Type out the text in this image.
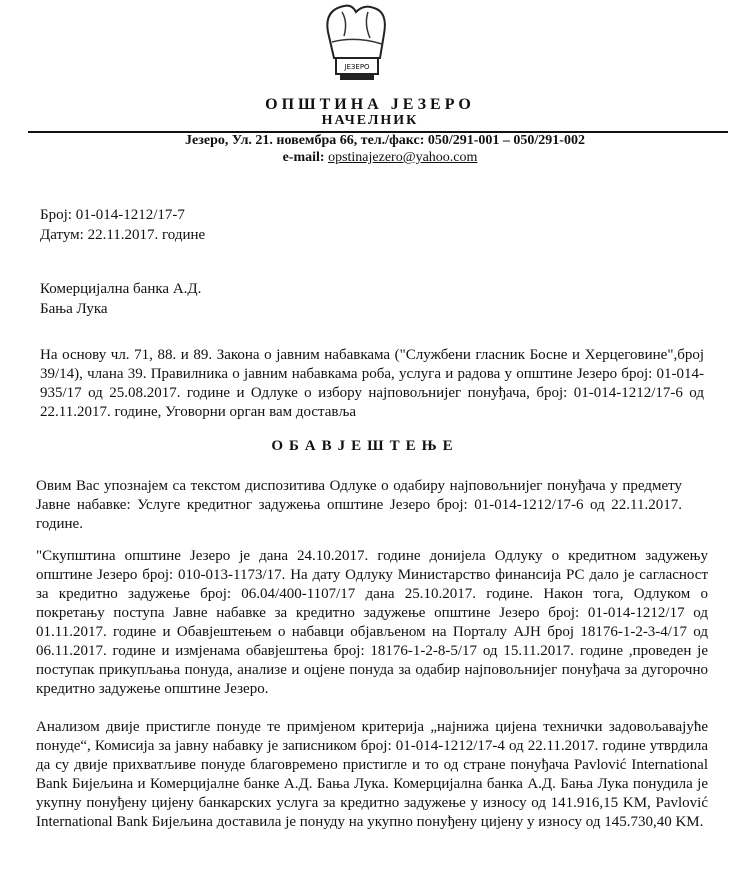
ЈЕЗЕРО
ОПШТИНА ЈЕЗЕРО
НАЧЕЛНИК
Језеро, Ул. 21. новембра 66, тел./факс: 050/291-001 – 050/291-002
e-mail: opstinajezero@yahoo.com
Број: 01-014-1212/17-7
Датум: 22.11.2017. године
Комерцијална банка А.Д.
Бања Лука
На основу чл. 71, 88. и 89. Закона о јавним набавкама ("Службени гласник Босне и Херцеговине",број 39/14), члана 39. Правилника о јавним набавкама роба, услуга и радова у општине Језеро број: 01-014-935/17 од 25.08.2017. године и Одлуке о избору најповољнијег понуђача, број: 01-014-1212/17-6 од 22.11.2017. године, Уговорни орган вам доставља
ОБАВЈЕШТЕЊЕ
Овим Вас упознајем са текстом диспозитива Одлуке о одабиру најповољнијег понуђача у предмету Јавне набавке: Услуге кредитног задужења општине Језеро број: 01-014-1212/17-6 од 22.11.2017. године.
"Скупштина општине Језеро је дана 24.10.2017. године донијела Одлуку о кредитном задужењу општине Језеро број: 010-013-1173/17. На дату Одлуку Министарство финансија РС дало је сагласност за кредитно задужење број: 06.04/400-1107/17 дана 25.10.2017. године. Након тога, Одлуком о покретању поступа Јавне набавке за кредитно задужење општине Језеро број: 01-014-1212/17 од 01.11.2017. године и Обавјештењем о набавци објављеном на Порталу АЈН број 18176-1-2-3-4/17 од 06.11.2017. године и измјенама обавјештења број: 18176-1-2-8-5/17 од 15.11.2017. године ,проведен је поступак прикупљања понуда, анализе и оцјене понуда за одабир најповољнијег понуђача за дугорочно кредитно задужење општине Језеро.
Анализом двије пристигле понуде те примјеном критерија „најнижа цијена технички задовољавајуће понуде“, Комисија за јавну набавку је записником број: 01-014-1212/17-4 од 22.11.2017. године утврдила да су двије прихватљиве понуде благовремено пристигле и то од стране понуђача Pavlović International Bank Бијељина и Комерцијалне банке А.Д. Бања Лука. Комерцијална банка А.Д. Бања Лука понудила је укупну понуђену цијену банкарских услуга за кредитно задужење у износу од 141.916,15 KM, Pavlović International Bank Бијељина доставила је понуду на укупно понуђену цијену у износу од 145.730,40 KM.
